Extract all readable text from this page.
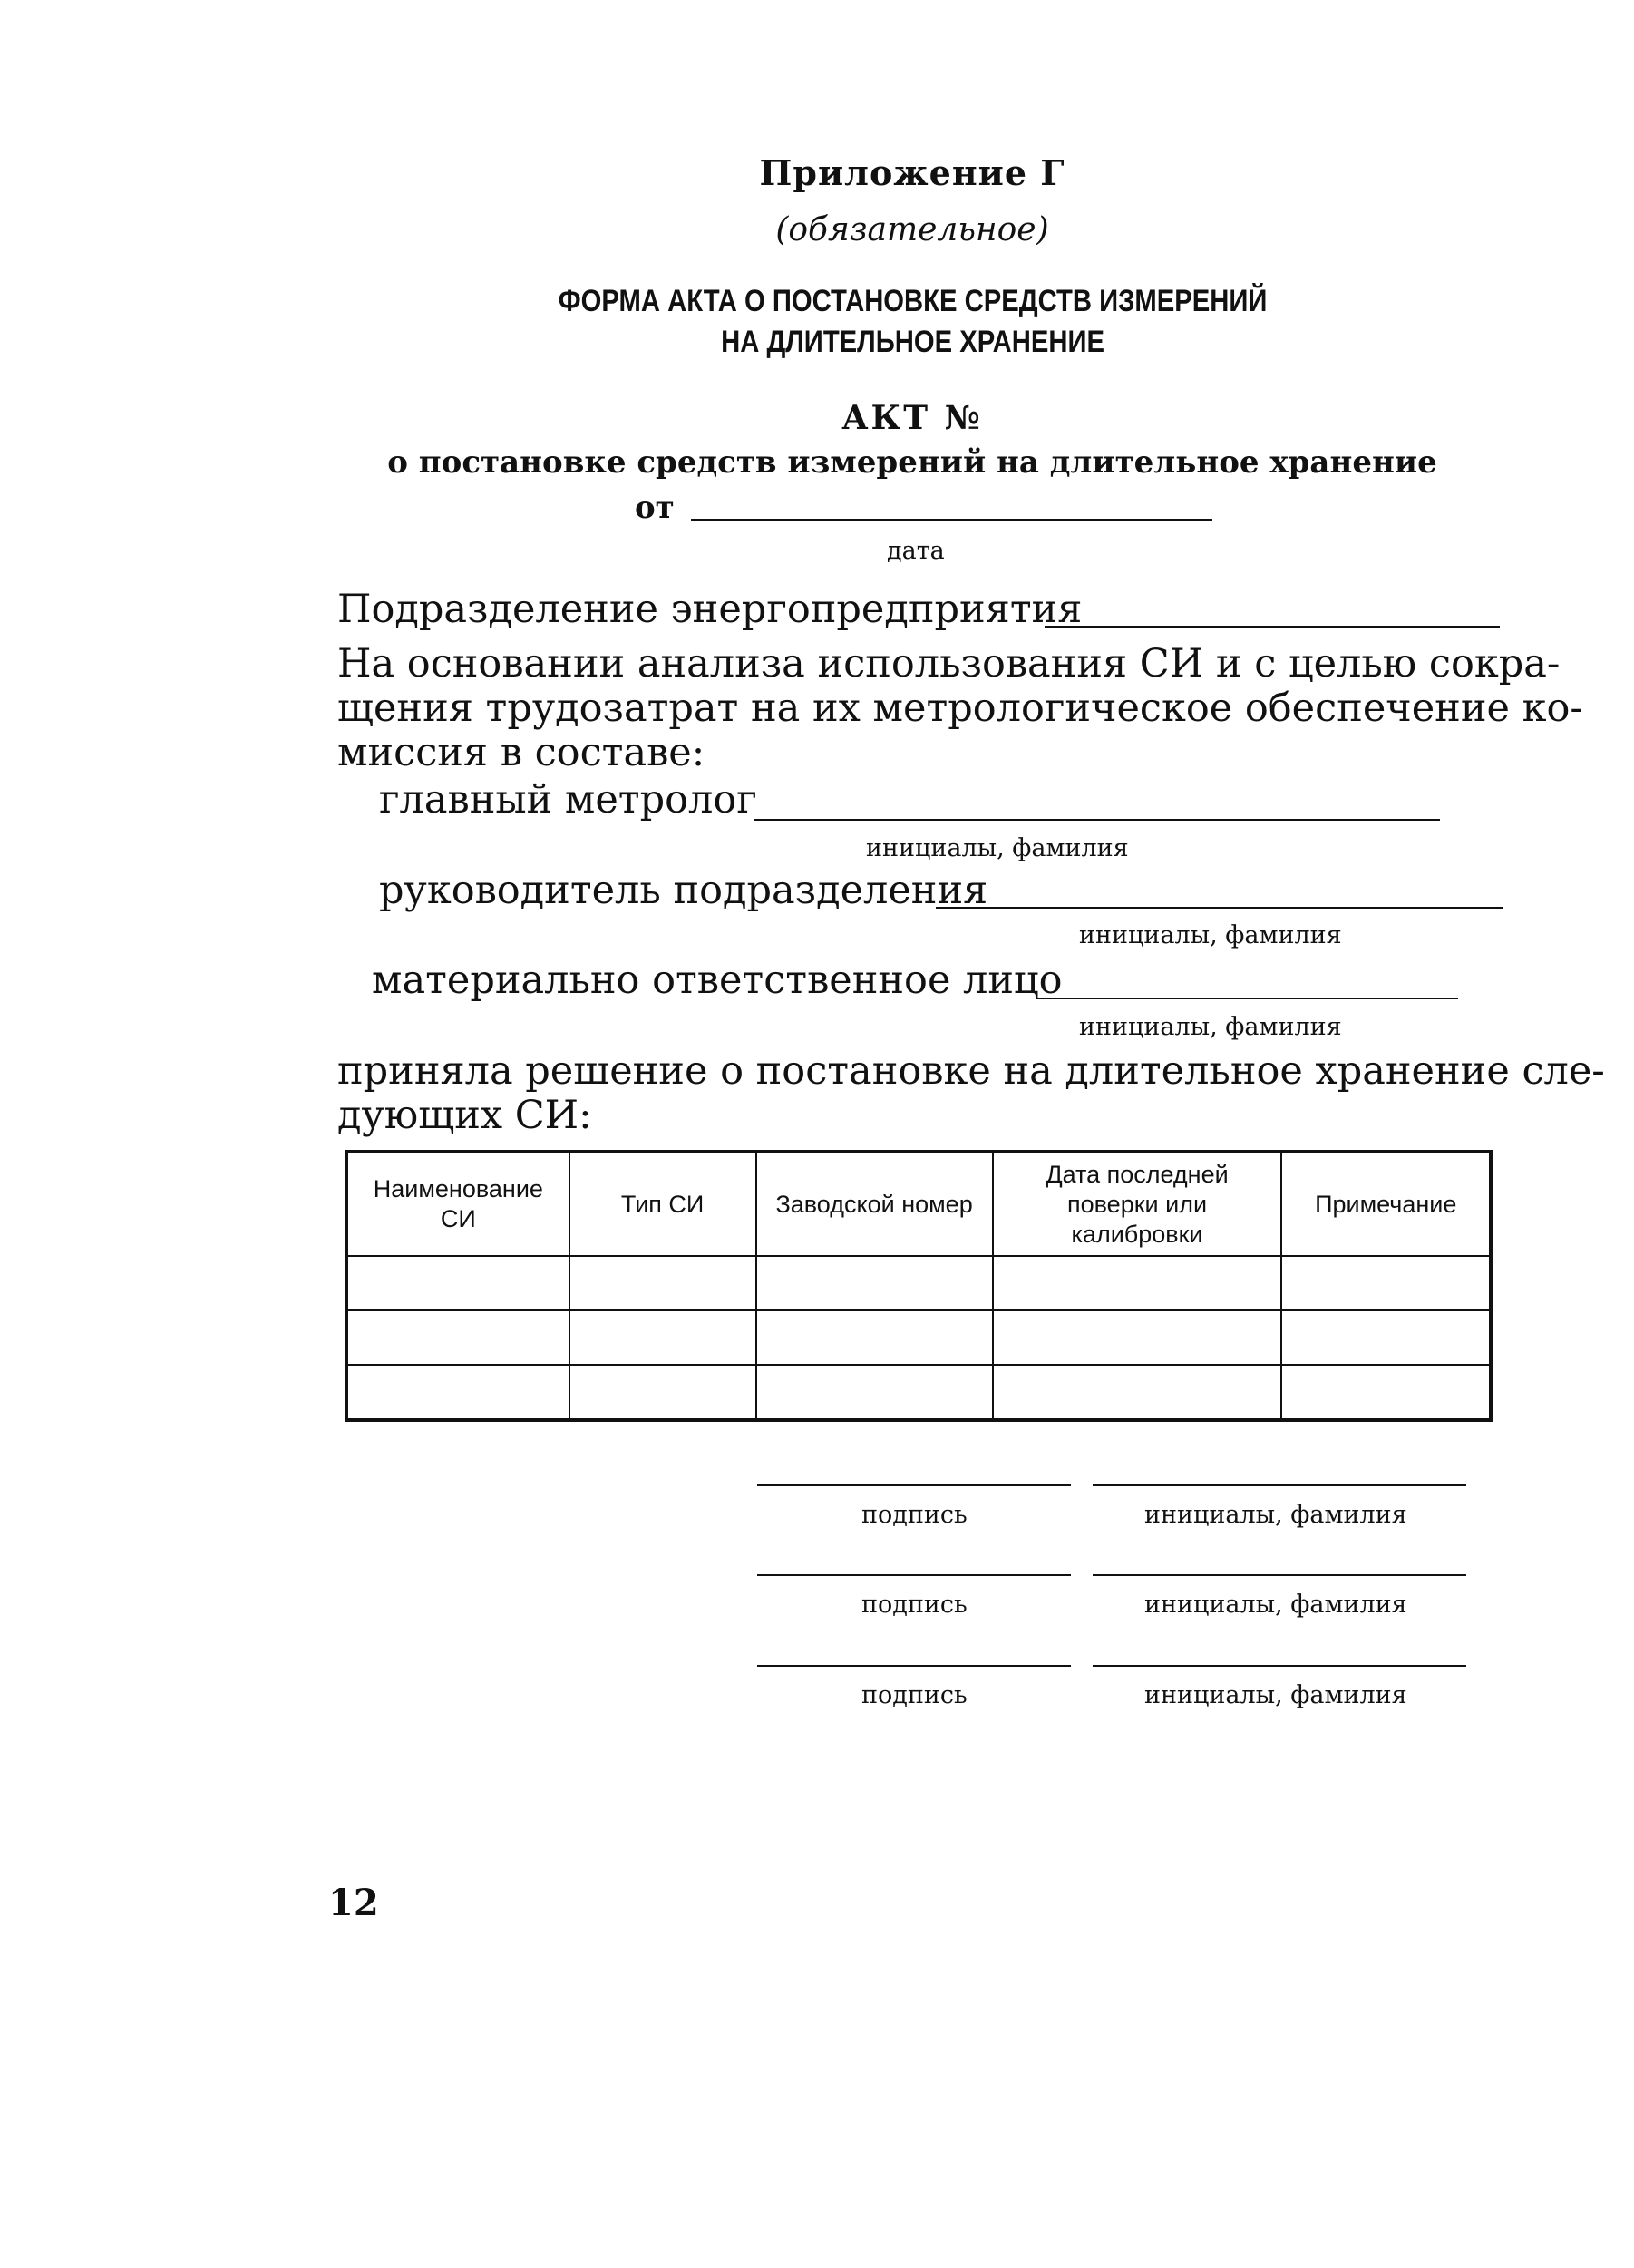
Приложение Г
(обязательное)
ФОРМА АКТА О ПОСТАНОВКЕ СРЕДСТВ ИЗМЕРЕНИЙ
НА ДЛИТЕЛЬНОЕ ХРАНЕНИЕ
АКТ №
о постановке средств измерений на длительное хранение
от
дата
Подразделение энергопредприятия
На основании анализа использования СИ и с целью сокра-
щения трудозатрат на их метрологическое обеспечение ко-
миссия в составе:
главный метролог
инициалы, фамилия
руководитель подразделения
инициалы, фамилия
материально ответственное лицо
инициалы, фамилия
приняла решение о постановке на длительное хранение сле-
дующих СИ:
Наименование СИ	Тип СИ	Заводской номер	Дата последней поверки или калибровки	Примечание

подпись	инициалы, фамилия
подпись	инициалы, фамилия
подпись	инициалы, фамилия
12
